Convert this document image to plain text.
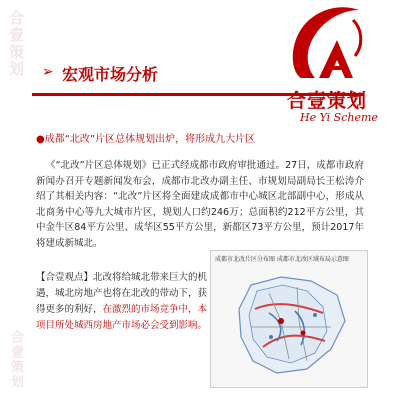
合壹策划
合壹策划
➢ 宏观市场分析
合壹策划
He Yi Scheme
●成都“北改”片区总体规划出炉，将形成九大片区
《“北改”片区总体规划》已正式经成都市政府审批通过。27日，成都市政府新闻办召开专题新闻发布会，成都市北改办副主任、市规划局副局长王松涛介绍了其相关内容：“北改”片区将全面建成成都市中心城区北部副中心，形成从北商务中心等九大城市片区，规划人口约246万；总面积约212平方公里，其中金牛区84平方公里、成华区55平方公里，新都区73平方公里，预计2017年将建成新城北。
【合壹观点】北改将给城北带来巨大的机遇，城北房地产也将在北改的带动下，获得更多的利好，在激烈的市场竞争中，本项目所处城西房地产市场必会受到影响。
成都市北改片区分布图 成都市北改区域布局示意图
